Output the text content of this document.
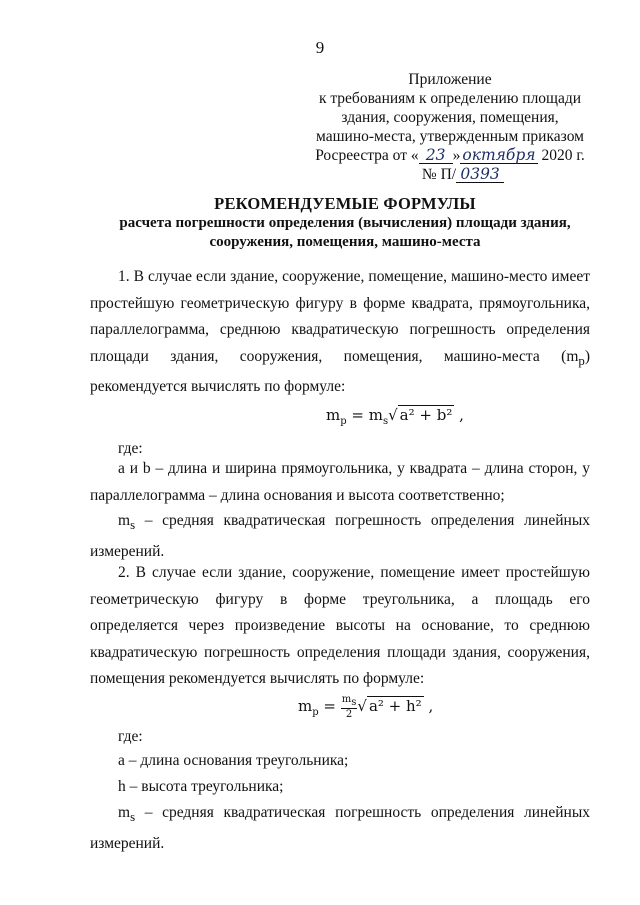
9
Приложение
к требованиям к определению площади
здания, сооружения, помещения,
машино-места, утвержденным приказом
Росреестра от « 23 » октября 2020 г.
№ П/ 0393
РЕКОМЕНДУЕМЫЕ ФОРМУЛЫ
расчета погрешности определения (вычисления) площади здания,
сооружения, помещения, машино-места
1. В случае если здание, сооружение, помещение, машино-место имеет простейшую геометрическую фигуру в форме квадрата, прямоугольника, параллелограмма, среднюю квадратическую погрешность определения площади здания, сооружения, помещения, машино-места $(m_p)$ рекомендуется вычислять по формуле:
$m_p = m_s√$ a² + b² ,
где:
а и b – длина и ширина прямоугольника, у квадрата – длина сторон, у параллелограмма – длина основания и высота соответственно;
$m_s$ – средняя квадратическая погрешность определения линейных измерений.
2. В случае если здание, сооружение, помещение имеет простейшую геометрическую фигуру в форме треугольника, а площадь его определяется через произведение высоты на основание, то среднюю квадратическую погрешность определения площади здания, сооружения, помещения рекомендуется вычислять по формуле:
$m_p = \frac{m_s}{2}$ √ a² + h² ,
где:
а – длина основания треугольника;
h – высота треугольника;
$m_s$ – средняя квадратическая погрешность определения линейных измерений.
